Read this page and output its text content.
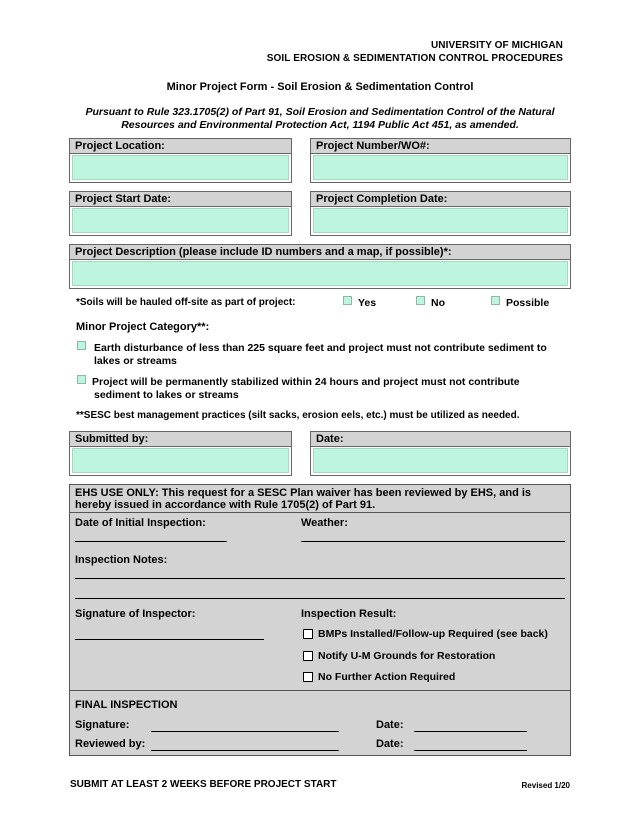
UNIVERSITY OF MICHIGAN
SOIL EROSION & SEDIMENTATION CONTROL PROCEDURES
Minor Project Form - Soil Erosion & Sedimentation Control
Pursuant to Rule 323.1705(2) of Part 91, Soil Erosion and Sedimentation Control of the Natural
Resources and Environmental Protection Act, 1194 Public Act 451, as amended.
Project Location:	Project Number/WO#:
Project Start Date:	Project Completion Date:
Project Description (please include ID numbers and a map, if possible)*:
*Soils will be hauled off-site as part of project:	Yes	No	Possible
Minor Project Category**:
Earth disturbance of less than 225 square feet and project must not contribute sediment to
lakes or streams
Project will be permanently stabilized within 24 hours and project must not contribute
sediment to lakes or streams
**SESC best management practices (silt sacks, erosion eels, etc.) must be utilized as needed.
Submitted by:	Date:
EHS USE ONLY: This request for a SESC Plan waiver has been reviewed by EHS, and is
hereby issued in accordance with Rule 1705(2) of Part 91.
Date of Initial Inspection:	Weather:
Inspection Notes:
Signature of Inspector:	Inspection Result:
BMPs Installed/Follow-up Required (see back)
Notify U-M Grounds for Restoration
No Further Action Required
FINAL INSPECTION
Signature:	Date:
Reviewed by:	Date:
SUBMIT AT LEAST 2 WEEKS BEFORE PROJECT START	Revised 1/20
